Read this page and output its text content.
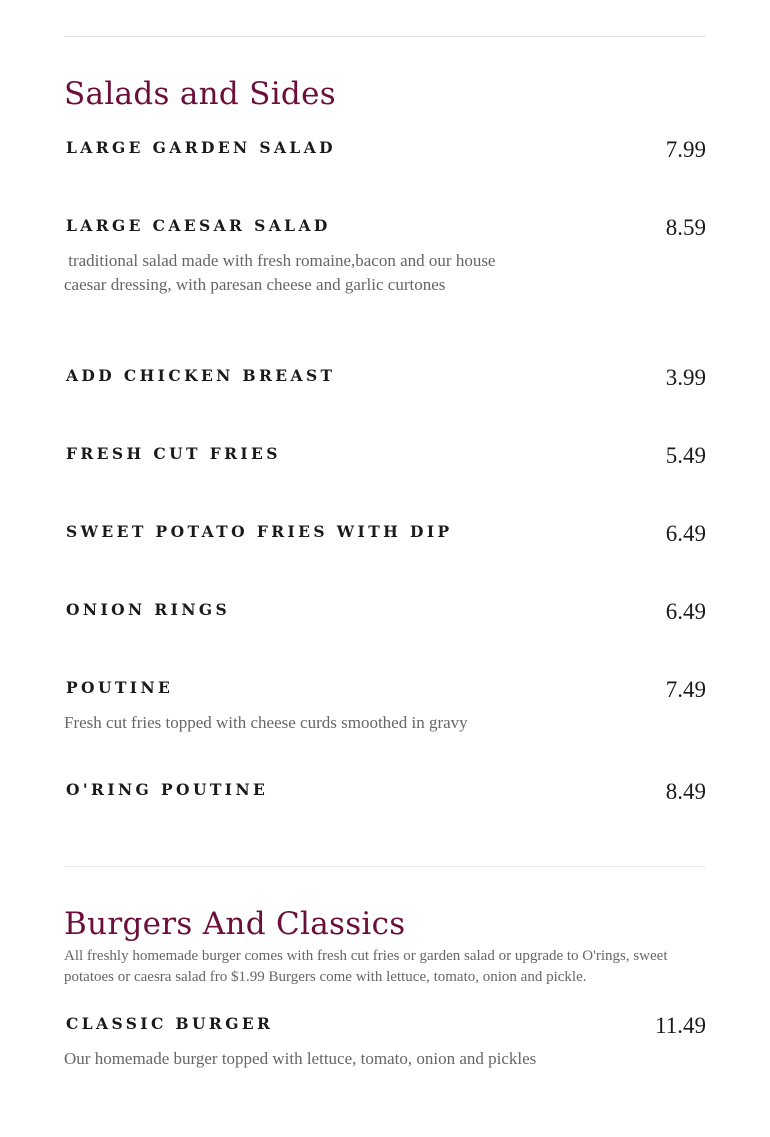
Salads and Sides
LARGE GARDEN SALAD	7.99
LARGE CAESAR SALAD	8.59
traditional salad made with fresh romaine,bacon and our house caesar dressing, with paresan cheese and garlic curtones
ADD CHICKEN BREAST	3.99
FRESH CUT FRIES	5.49
SWEET POTATO FRIES WITH DIP	6.49
ONION RINGS	6.49
POUTINE	7.49
Fresh cut fries topped with cheese curds smoothed in gravy
O'RING POUTINE	8.49
Burgers And Classics
All freshly homemade burger comes with fresh cut fries or garden salad or upgrade to O'rings, sweet potatoes or caesra salad fro $1.99 Burgers come with lettuce, tomato, onion and pickle.
CLASSIC BURGER	11.49
Our homemade burger topped with lettuce, tomato, onion and pickles
